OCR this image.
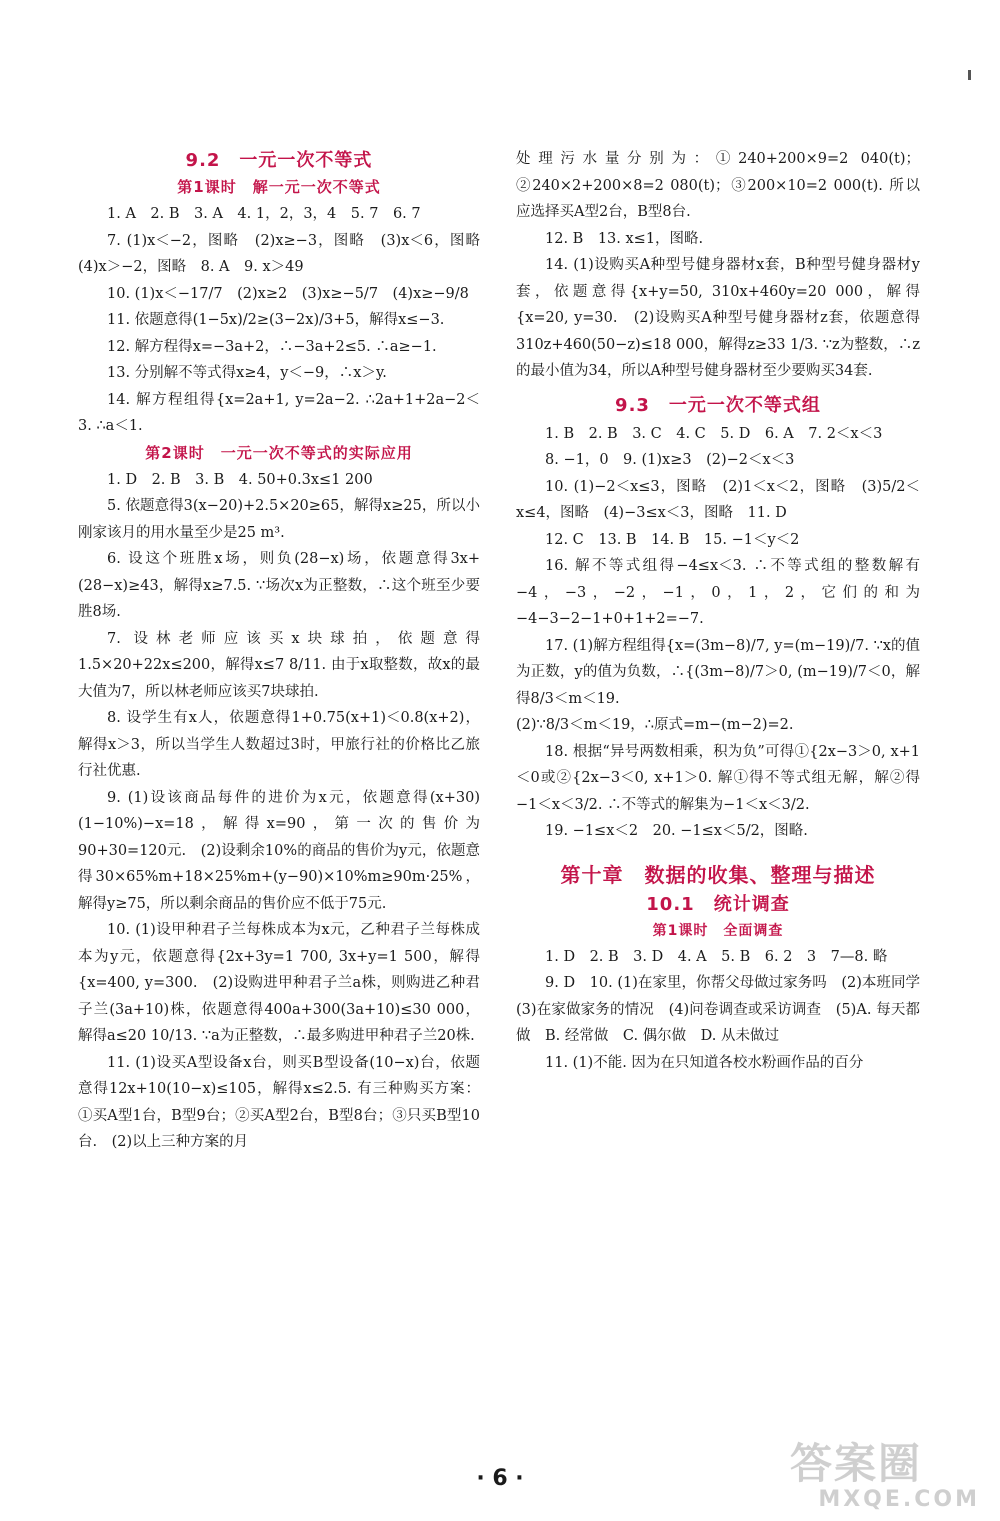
9.2　一元一次不等式
第1课时　解一元一次不等式

1. A　2. B　3. A　4. 1，2，3，4　5. 7　6. 7

7. (1)x＜−2，图略　(2)x≥−3，图略　(3)x＜6，图略　(4)x＞−2，图略　8. A　9. x＞49

10. (1)x＜−17/7　(2)x≥2　(3)x≥−5/7　(4)x≥−9/8

11. 依题意得(1−5x)/2≥(3−2x)/3+5，解得x≤−3.

12. 解方程得x=−3a+2，∴−3a+2≤5. ∴a≥−1.

13. 分别解不等式得x≥4，y＜−9，∴x＞y.

14. 解方程组得{x=2a+1, y=2a−2. ∴2a+1+2a−2＜3. ∴a＜1.

第2课时　一元一次不等式的实际应用

1. D　2. B　3. B　4. 50+0.3x≤1 200

5. 依题意得3(x−20)+2.5×20≥65，解得x≥25，所以小刚家该月的用水量至少是25 m³.

6. 设这个班胜x场，则负(28−x)场，依题意得3x+(28−x)≥43，解得x≥7.5. ∵场次x为正整数，∴这个班至少要胜8场.

7. 设林老师应该买x块球拍，依题意得1.5×20+22x≤200，解得x≤7 8/11. 由于x取整数，故x的最大值为7，所以林老师应该买7块球拍.

8. 设学生有x人，依题意得1+0.75(x+1)＜0.8(x+2)，解得x＞3，所以当学生人数超过3时，甲旅行社的价格比乙旅行社优惠.

9. (1)设该商品每件的进价为x元，依题意得(x+30)(1−10%)−x=18，解得x=90，第一次的售价为90+30=120元.　(2)设剩余10%的商品的售价为y元，依题意得30×65%m+18×25%m+(y−90)×10%m≥90m·25%，解得y≥75，所以剩余商品的售价应不低于75元.

10. (1)设甲种君子兰每株成本为x元，乙种君子兰每株成本为y元，依题意得{2x+3y=1 700, 3x+y=1 500，解得{x=400, y=300.　(2)设购进甲种君子兰a株，则购进乙种君子兰(3a+10)株，依题意得400a+300(3a+10)≤30 000，解得a≤20 10/13. ∵a为正整数，∴最多购进甲种君子兰20株.

11. (1)设买A型设备x台，则买B型设备(10−x)台，依题意得12x+10(10−x)≤105，解得x≤2.5. 有三种购买方案：①买A型1台，B型9台；②买A型2台，B型8台；③只买B型10台.　(2)以上三种方案的月

处理污水量分别为：①240+200×9=2 040(t)；②240×2+200×8=2 080(t)；③200×10=2 000(t). 所以应选择买A型2台，B型8台.

12. B　13. x≤1，图略.

14. (1)设购买A种型号健身器材x套，B种型号健身器材y套，依题意得{x+y=50, 310x+460y=20 000，解得{x=20, y=30.　(2)设购买A种型号健身器材z套，依题意得310z+460(50−z)≤18 000，解得z≥33 1/3. ∵z为整数，∴z的最小值为34，所以A种型号健身器材至少要购买34套.

9.3　一元一次不等式组

1. B　2. B　3. C　4. C　5. D　6. A　7. 2＜x＜3

8. −1，0　9. (1)x≥3　(2)−2＜x＜3

10. (1)−2＜x≤3，图略　(2)1＜x＜2，图略　(3)5/2＜x≤4，图略　(4)−3≤x＜3，图略　11. D

12. C　13. B　14. B　15. −1＜y＜2

16. 解不等式组得−4≤x＜3. ∴不等式组的整数解有−4，−3，−2，−1，0，1，2，它们的和为−4−3−2−1+0+1+2=−7.

17. (1)解方程组得{x=(3m−8)/7, y=(m−19)/7. ∵x的值为正数，y的值为负数，∴{(3m−8)/7＞0, (m−19)/7＜0，解得8/3＜m＜19.

(2)∵8/3＜m＜19，∴原式=m−(m−2)=2.

18. 根据“异号两数相乘，积为负”可得①{2x−3＞0, x+1＜0或②{2x−3＜0, x+1＞0. 解①得不等式组无解，解②得−1＜x＜3/2. ∴不等式的解集为−1＜x＜3/2.

19. −1≤x＜2　20. −1≤x＜5/2，图略.

第十章　数据的收集、整理与描述
10.1　统计调查
第1课时　全面调查

1. D　2. B　3. D　4. A　5. B　6. 2　3　7—8. 略

9. D　10. (1)在家里，你帮父母做过家务吗　(2)本班同学　(3)在家做家务的情况　(4)问卷调查或采访调查　(5)A. 每天都做　B. 经常做　C. 偶尔做　D. 从未做过

11. (1)不能. 因为在只知道各校水粉画作品的百分

· 6 ·	答案圈
MXQE.COM
